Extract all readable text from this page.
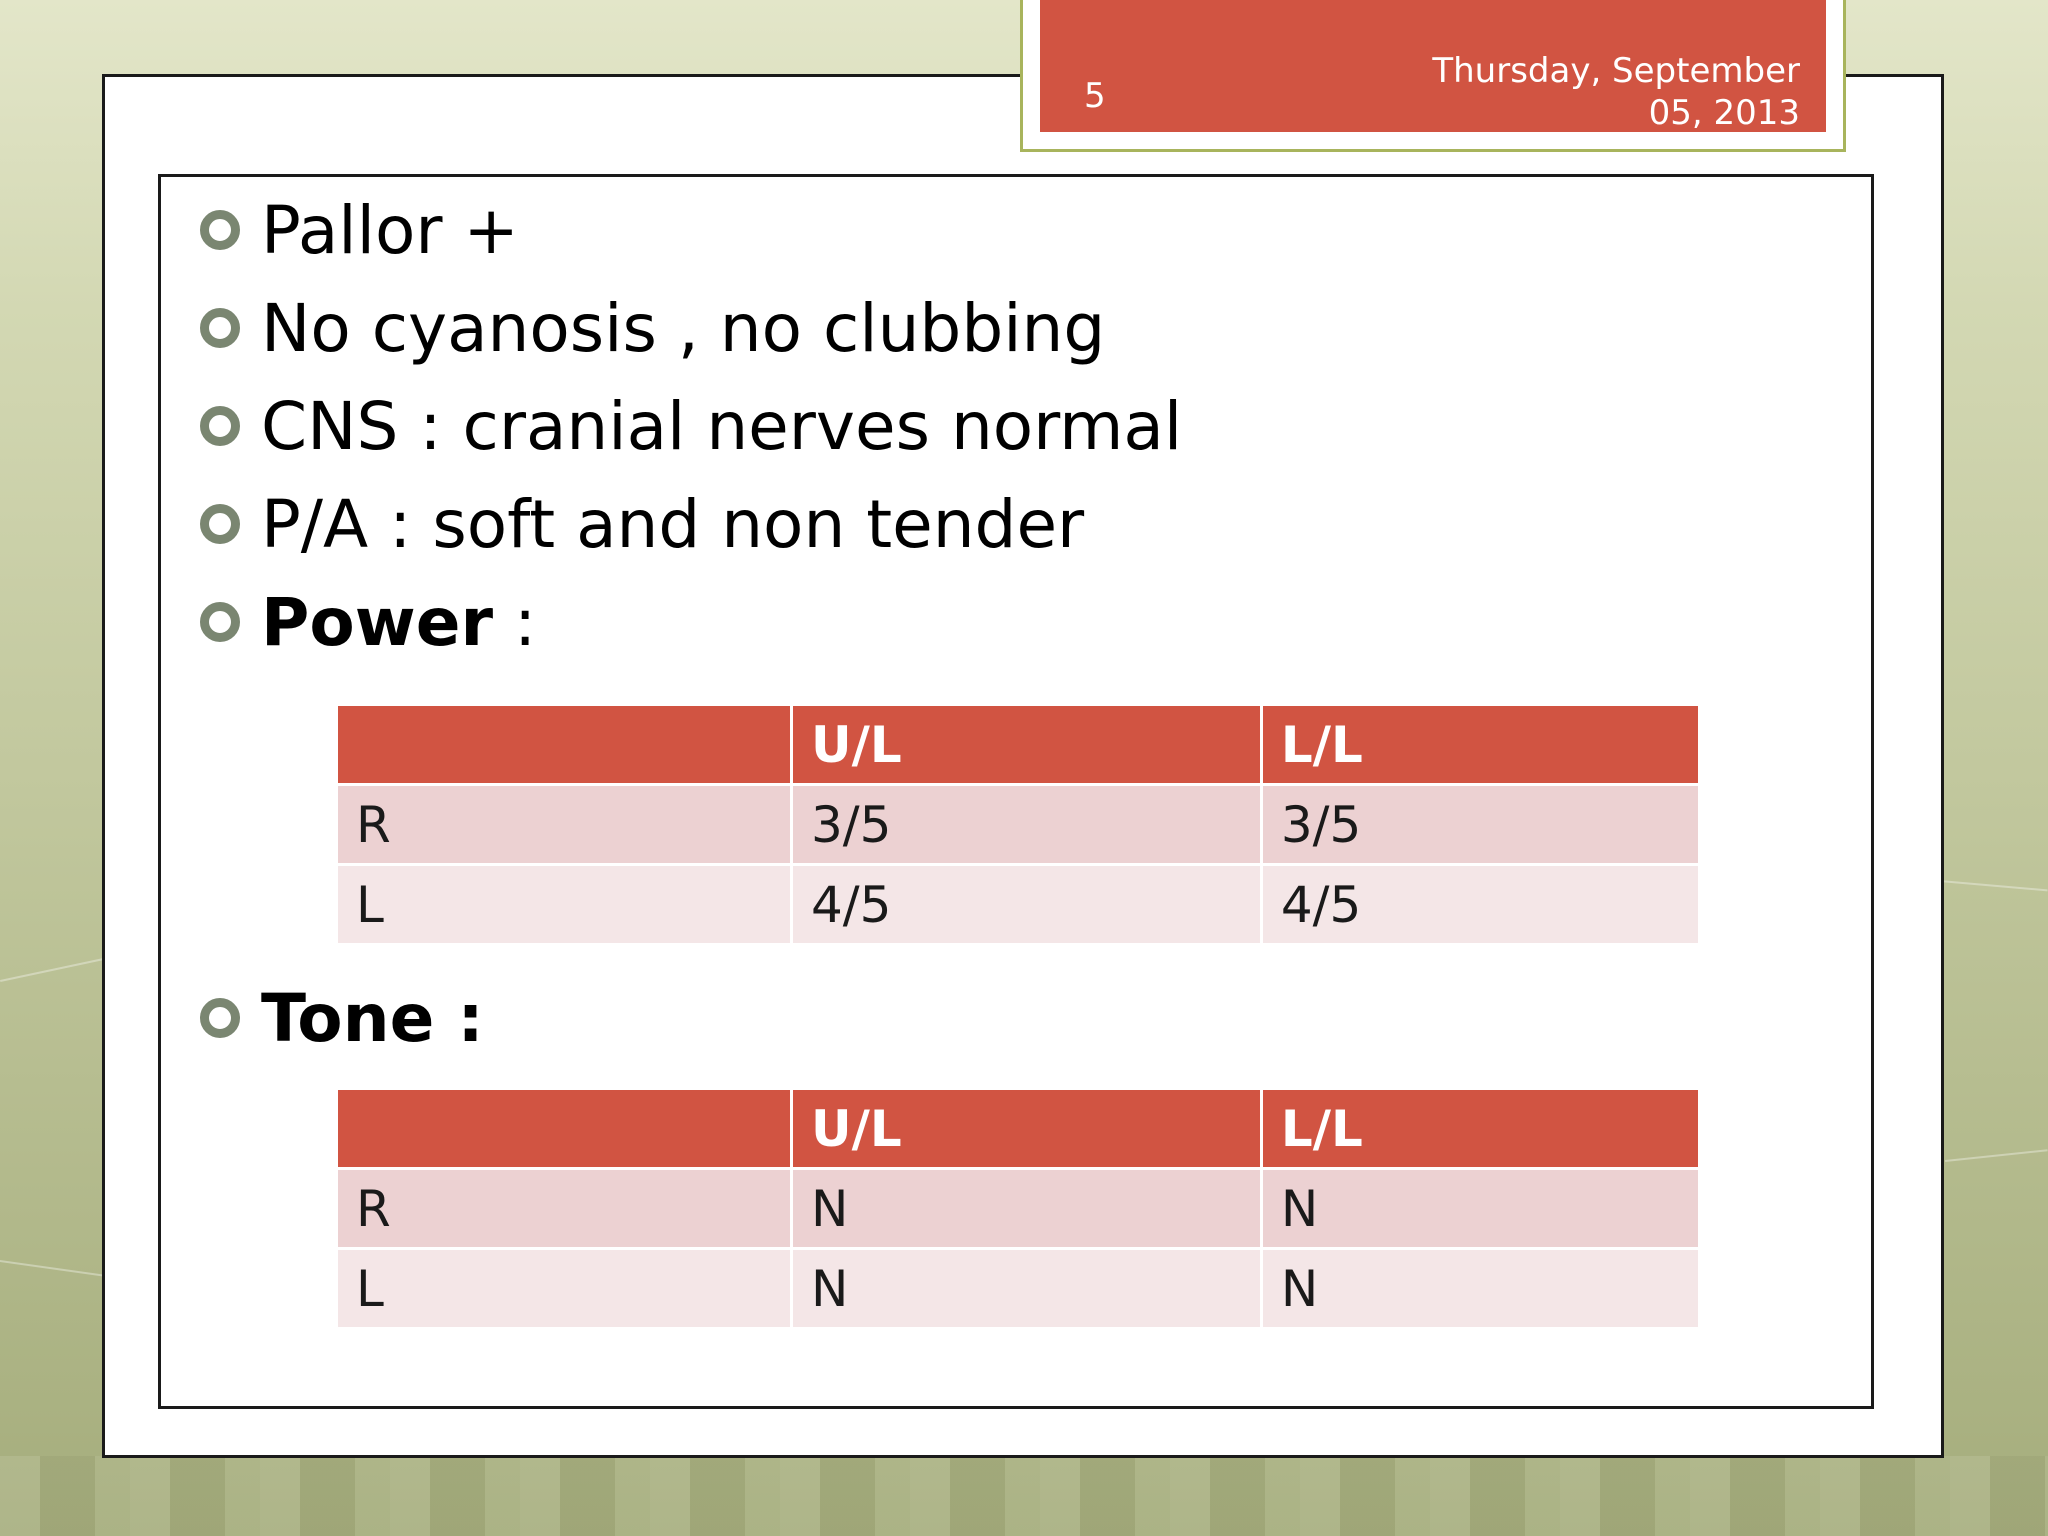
5
Thursday, September
05, 2013
Pallor +
No cyanosis , no clubbing
CNS : cranial nerves normal
P/A : soft and non tender
Power :
	U/L	L/L
R	3/5	3/5
L	4/5	4/5
Tone :
	U/L	L/L
R	N	N
L	N	N
